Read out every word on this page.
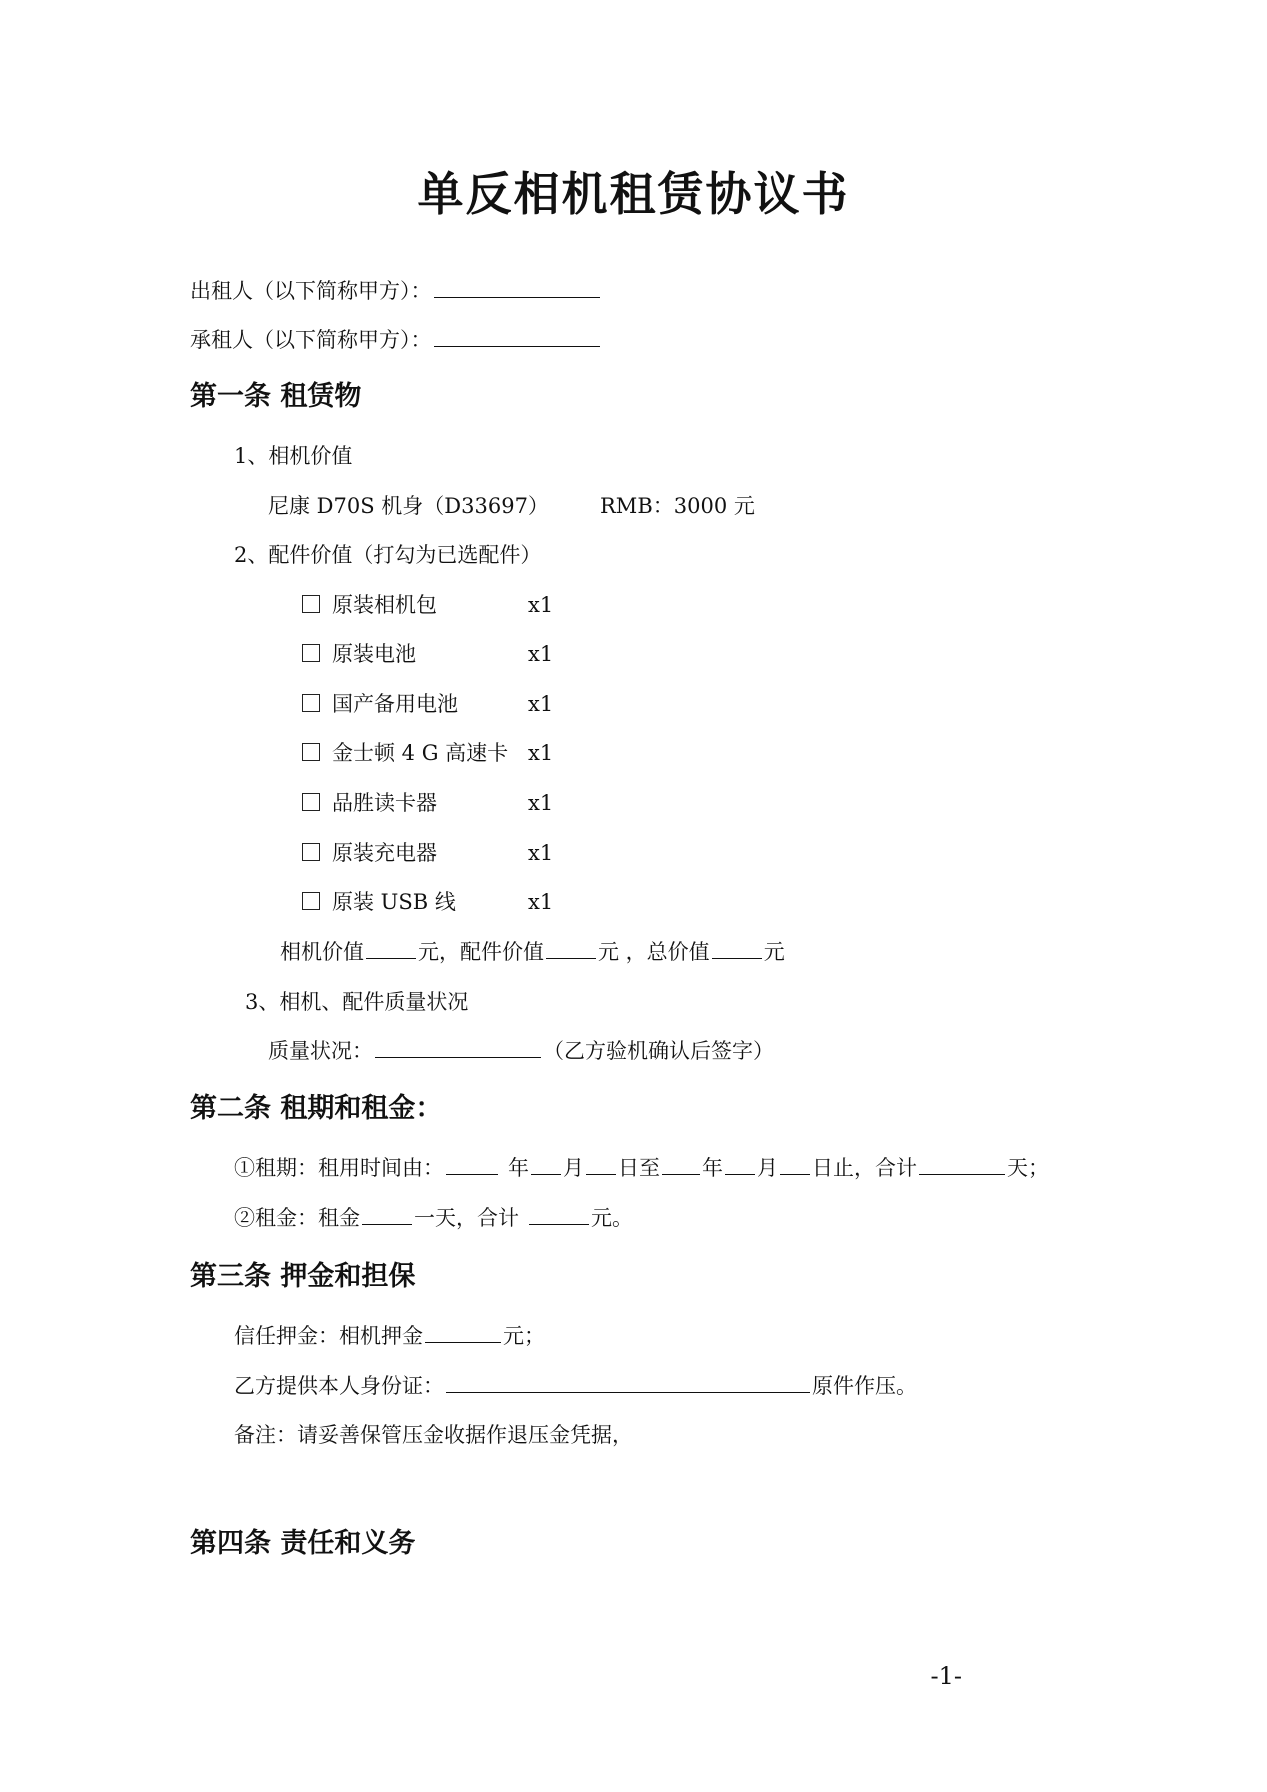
单反相机租赁协议书
出租人（以下简称甲方）：
承租人（以下简称甲方）：
第一条 租赁物
1、相机价值
尼康 D70S 机身（D33697） RMB：3000 元
2、配件价值（打勾为已选配件）
原装相机包	x1
原装电池	x1
国产备用电池	x1
金士顿 4 G 高速卡 x1
品胜读卡器	x1
原装充电器	x1
原装 USB 线	x1
相机价值	元，配件价值	元 ，总价值	元
3、相机、配件质量状况
质量状况：	（乙方验机确认后签字）
第二条 租期和租金：
①租期：租用时间由：	年 月 日至 年 月 日止，合计	天；
②租金：租金	一天，合计	元。
第三条 押金和担保
信任押金：相机押金	元；
乙方提供本人身份证：	原件作压。
备注：请妥善保管压金收据作退压金凭据，
第四条 责任和义务
-1-
